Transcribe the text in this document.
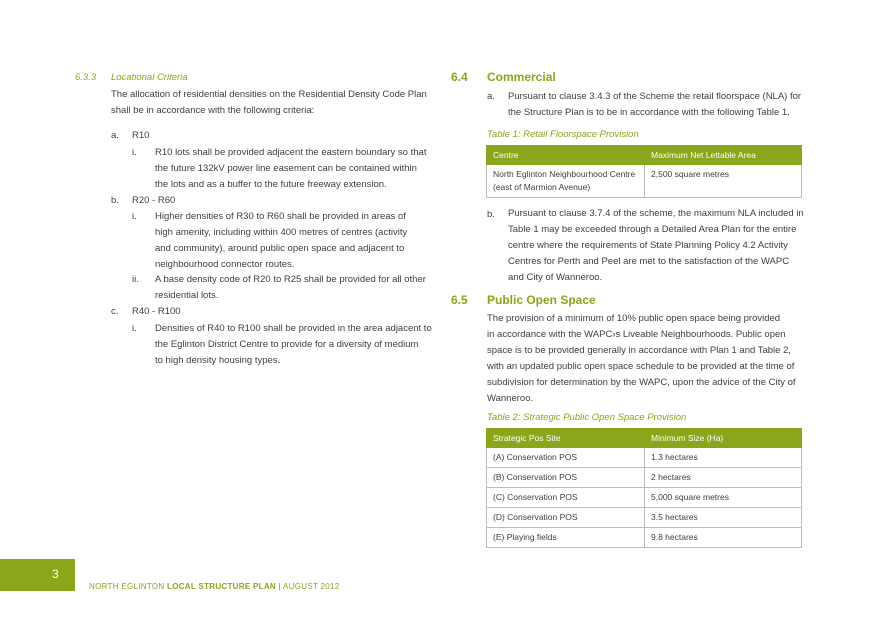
6.3.3 Locational Criteria
The allocation of residential densities on the Residential Density Code Plan
shall be in accordance with the following criteria:
a. R10
i. R10 lots shall be provided adjacent the eastern boundary so that
the future 132kV power line easement can be contained within
the lots and as a buffer to the future freeway extension.
b. R20 - R60
i. Higher densities of R30 to R60 shall be provided in areas of
high amenity, including within 400 metres of centres (activity
and community), around public open space and adjacent to
neighbourhood connector routes.
ii. A base density code of R20 to R25 shall be provided for all other
residential lots.
c. R40 - R100
i. Densities of R40 to R100 shall be provided in the area adjacent to
the Eglinton District Centre to provide for a diversity of medium
to high density housing types.
6.4 Commercial
a. Pursuant to clause 3.4.3 of the Scheme the retail floorspace (NLA) for
the Structure Plan is to be in accordance with the following Table 1.
Table 1: Retail Floorspace Provision
Centre	Maximum Net Lettable Area

North Eglinton Neighbourhood Centre
(east of Marmion Avenue)	2,500 square metres
b. Pursuant to clause 3.7.4 of the scheme, the maximum NLA included in
Table 1 may be exceeded through a Detailed Area Plan for the entire
centre where the requirements of State Planning Policy 4.2 Activity
Centres for Perth and Peel are met to the satisfaction of the WAPC
and City of Wanneroo.
6.5 Public Open Space
The provision of a minimum of 10% public open space being provided
in accordance with the WAPC›s Liveable Neighbourhoods. Public open
space is to be provided generally in accordance with Plan 1 and Table 2,
with an updated public open space schedule to be provided at the time of
subdivision for determination by the WAPC, upon the advice of the City of
Wanneroo.
Table 2: Strategic Public Open Space Provision
Strategic Pos Site	Minimum Size (Ha)
(A) Conservation POS	1.3 hectares
(B) Conservation POS	2 hectares
(C) Conservation POS	5,000 square metres
(D) Conservation POS	3.5 hectares
(E) Playing fields	9.8 hectares
3
NORTH EGLINTON LOCAL STRUCTURE PLAN | AUGUST 2012
